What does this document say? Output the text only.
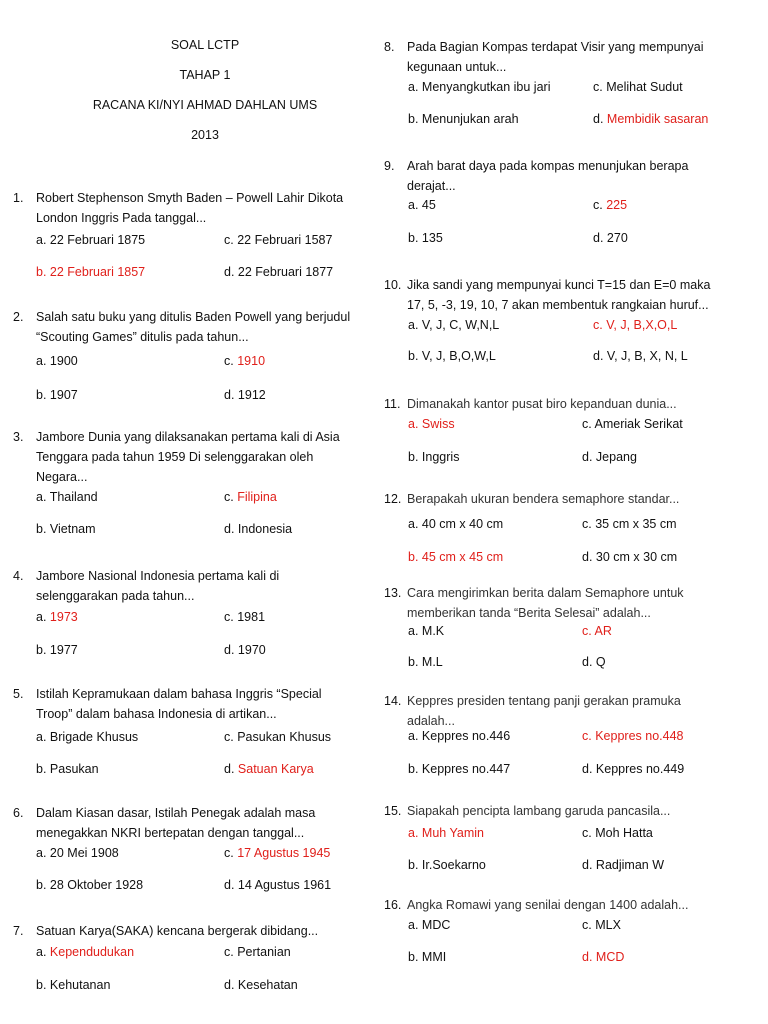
SOAL LCTP
TAHAP 1
RACANA KI/NYI AHMAD DAHLAN UMS
2013
1.	Robert Stephenson Smyth Baden – Powell Lahir Dikota
London Inggris Pada tanggal...
a. 22 Februari 1875	c. 22 Februari 1587
b. 22 Februari 1857	d. 22 Februari 1877
2.	Salah satu buku yang ditulis Baden Powell yang berjudul
“Scouting Games” ditulis pada tahun...
a. 1900	c. 1910
b. 1907	d. 1912
3.	Jambore Dunia yang dilaksanakan pertama kali di Asia
Tenggara pada tahun 1959 Di selenggarakan oleh
Negara...
a. Thailand	c. Filipina
b. Vietnam	d. Indonesia
4.	Jambore Nasional Indonesia pertama kali di
selenggarakan pada tahun...
a. 1973	c. 1981
b. 1977	d. 1970
5.	Istilah Kepramukaan dalam bahasa Inggris “Special
Troop” dalam bahasa Indonesia di artikan...
a. Brigade Khusus	c. Pasukan Khusus
b. Pasukan	d. Satuan Karya
6.	Dalam Kiasan dasar, Istilah Penegak adalah masa
menegakkan NKRI bertepatan dengan tanggal...
a. 20 Mei 1908	c. 17 Agustus 1945
b. 28 Oktober 1928	d. 14 Agustus 1961
7.	Satuan Karya(SAKA) kencana bergerak dibidang...
a. Kependudukan	c. Pertanian
b. Kehutanan	d. Kesehatan
8.	Pada Bagian Kompas terdapat Visir yang mempunyai
kegunaan untuk...
a. Menyangkutkan ibu jari	c. Melihat Sudut
b. Menunjukan arah	d. Membidik sasaran
9.	Arah barat daya pada kompas menunjukan berapa
derajat...
a. 45	c. 225
b. 135	d. 270
10. Jika sandi yang mempunyai kunci T=15 dan E=0 maka
17, 5, -3, 19, 10, 7 akan membentuk rangkaian huruf...
a. V, J, C, W,N,L	c. V, J, B,X,O,L
b. V, J, B,O,W,L	d. V, J, B, X, N, L
11. Dimanakah kantor pusat biro kepanduan dunia...
a. Swiss	c. Ameriak Serikat
b. Inggris	d. Jepang
12. Berapakah ukuran bendera semaphore standar...
a. 40 cm x 40 cm	c. 35 cm x 35 cm
b. 45 cm x 45 cm	d. 30 cm x 30 cm
13. Cara mengirimkan berita dalam Semaphore untuk
memberikan tanda “Berita Selesai” adalah...
a. M.K	c. AR
b. M.L	d. Q
14. Keppres presiden tentang panji gerakan pramuka
adalah...
a. Keppres no.446	c. Keppres no.448
b. Keppres no.447	d. Keppres no.449
15. Siapakah pencipta lambang garuda pancasila...
a. Muh Yamin	c. Moh Hatta
b. Ir.Soekarno	d. Radjiman W
16. Angka Romawi yang senilai dengan 1400 adalah...
a. MDC	c. MLX
b. MMI	d. MCD
